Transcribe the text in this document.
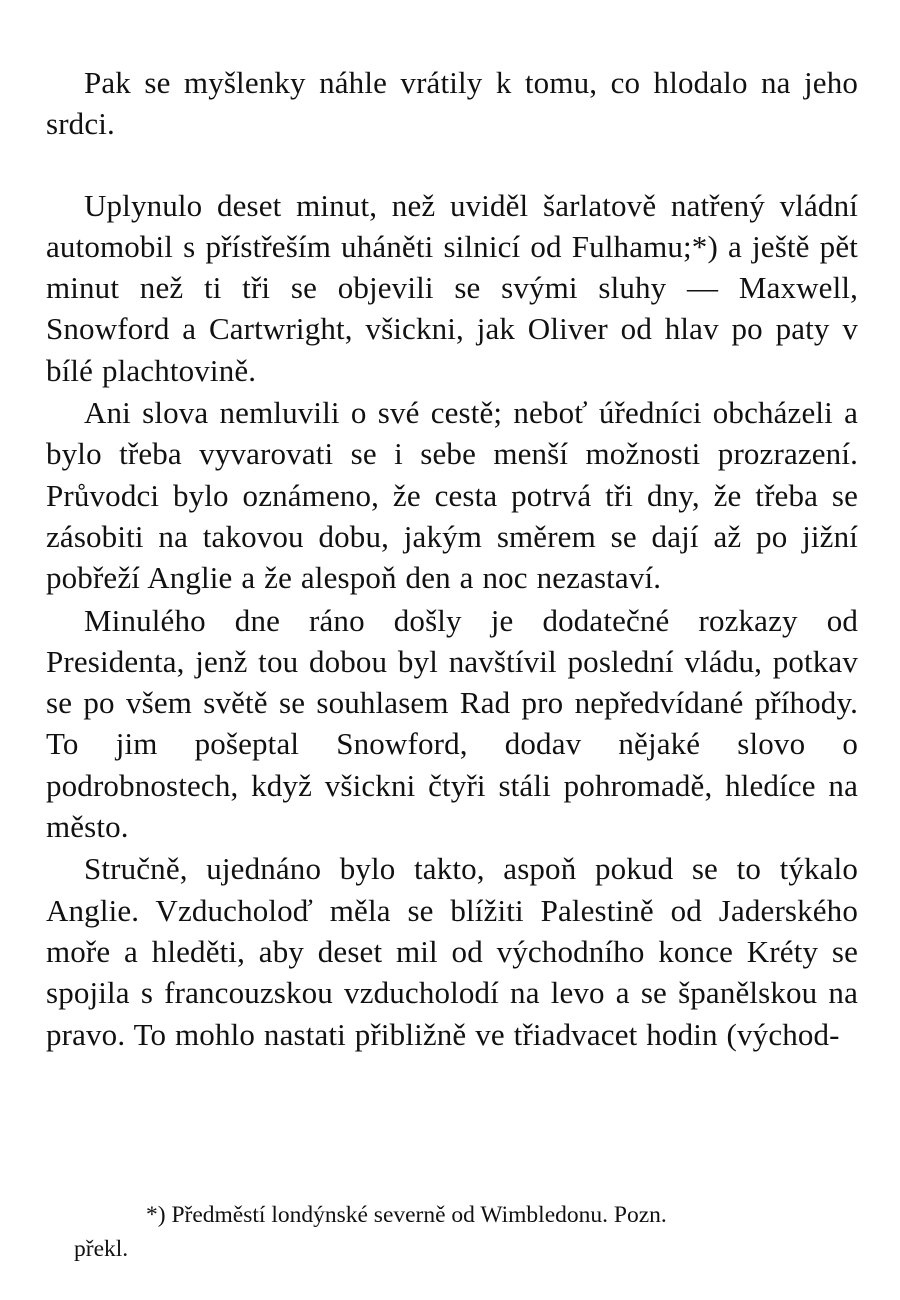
Pak se myšlenky náhle vrátily k tomu, co hlodalo na jeho srdci.

Uplynulo deset minut, než uviděl šarlatově natřený vládní automobil s přístřeším uháněti silnicí od Fulhamu;*) a ještě pět minut než ti tři se objevili se svými sluhy — Maxwell, Snowford a Cartwright, všickni, jak Oliver od hlav po paty v bílé plachtovině.

Ani slova nemluvili o své cestě; neboť úředníci obcházeli a bylo třeba vyvarovati se i sebe menší možnosti prozrazení. Průvodci bylo oznámeno, že cesta potrvá tři dny, že třeba se zásobiti na takovou dobu, jakým směrem se dají až po jižní pobřeží Anglie a že alespoň den a noc nezastaví.

Minulého dne ráno došly je dodatečné rozkazy od Presidenta, jenž tou dobou byl navštívil poslední vládu, potkav se po všem světě se souhlasem Rad pro nepředvídané příhody. To jim pošeptal Snowford, dodav nějaké slovo o podrobnostech, když všickni čtyři stáli pohromadě, hledíce na město.

Stručně, ujednáno bylo takto, aspoň pokud se to týkalo Anglie. Vzducholoď měla se blížiti Palestině od Jaderského moře a hleděti, aby deset mil od východního konce Kréty se spojila s francouzskou vzducholodí na levo a se španělskou na pravo. To mohlo nastati přibližně ve třiadvacet hodin (východ-

*) Předměstí londýnské severně od Wimbledonu. Pozn.
překl.
